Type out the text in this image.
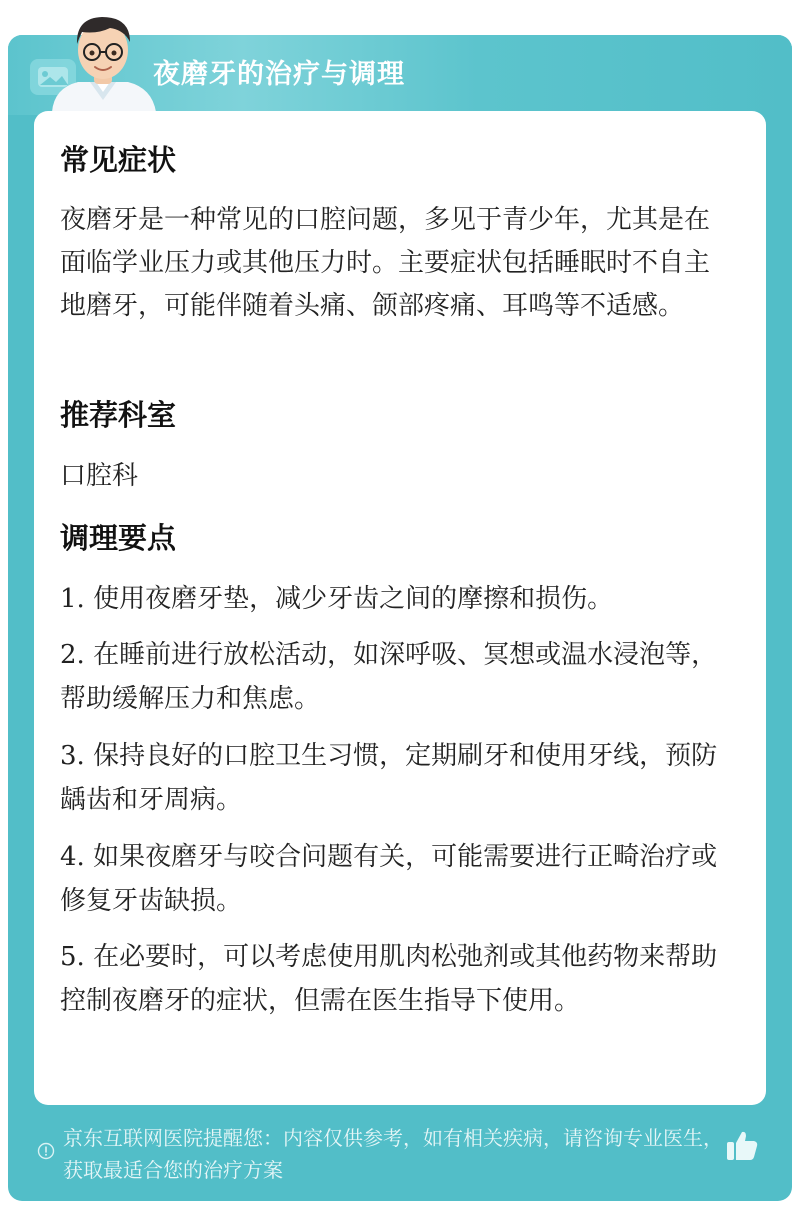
夜磨牙的治疗与调理
常见症状
夜磨牙是一种常见的口腔问题，多见于青少年，尤其是在面临学业压力或其他压力时。主要症状包括睡眠时不自主地磨牙，可能伴随着头痛、颌部疼痛、耳鸣等不适感。
推荐科室
口腔科
调理要点
1. 使用夜磨牙垫，减少牙齿之间的摩擦和损伤。
2. 在睡前进行放松活动，如深呼吸、冥想或温水浸泡等，帮助缓解压力和焦虑。
3. 保持良好的口腔卫生习惯，定期刷牙和使用牙线，预防龋齿和牙周病。
4. 如果夜磨牙与咬合问题有关，可能需要进行正畸治疗或修复牙齿缺损。
5. 在必要时，可以考虑使用肌肉松弛剂或其他药物来帮助控制夜磨牙的症状，但需在医生指导下使用。
京东互联网医院提醒您：内容仅供参考，如有相关疾病，请咨询专业医生，获取最适合您的治疗方案
